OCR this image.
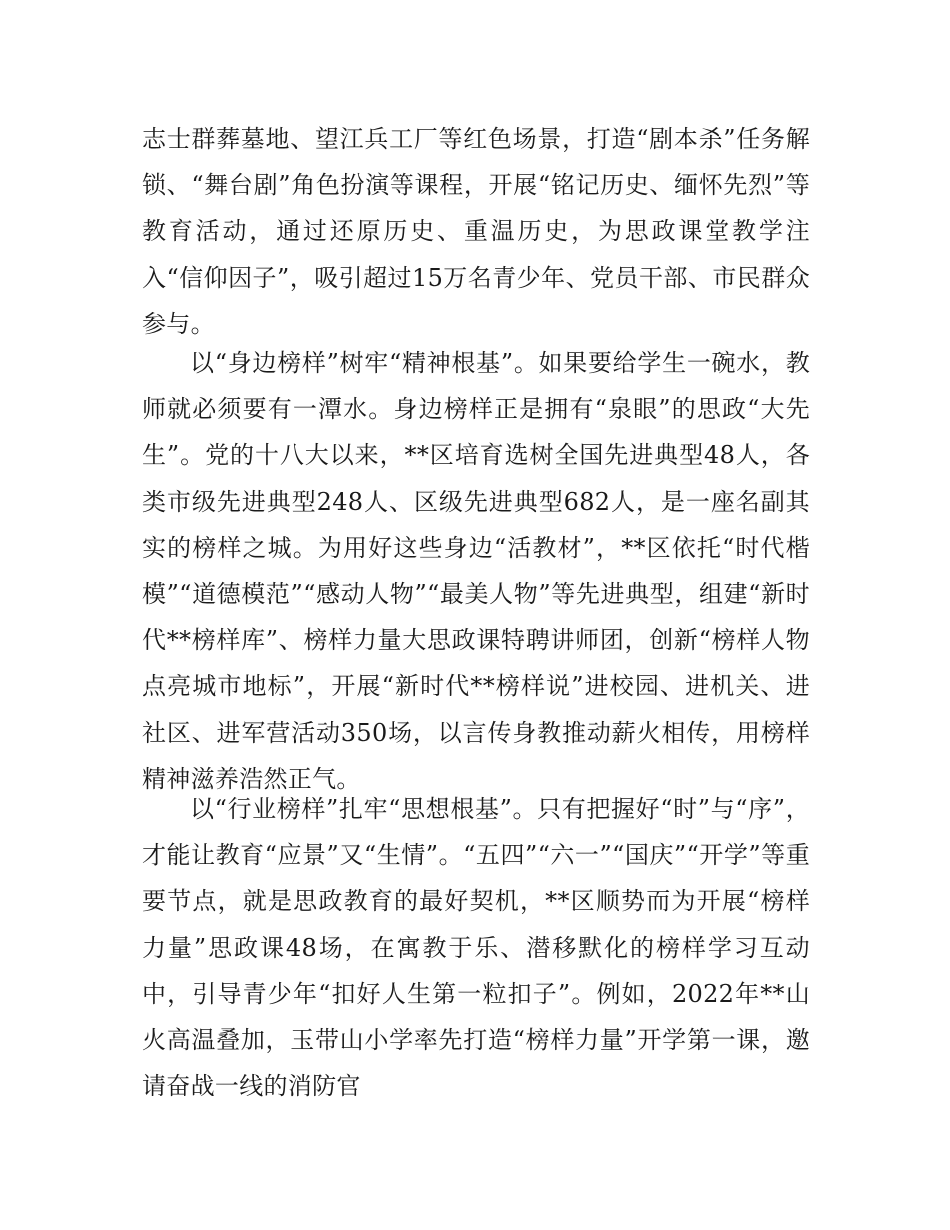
志士群葬墓地、望江兵工厂等红色场景，打造“剧本杀”任务解锁、“舞台剧”角色扮演等课程，开展“铭记历史、缅怀先烈”等教育活动，通过还原历史、重温历史，为思政课堂教学注入“信仰因子”，吸引超过15万名青少年、党员干部、市民群众参与。

以“身边榜样”树牢“精神根基”。如果要给学生一碗水，教师就必须要有一潭水。身边榜样正是拥有“泉眼”的思政“大先生”。党的十八大以来，**区培育选树全国先进典型48人，各类市级先进典型248人、区级先进典型682人，是一座名副其实的榜样之城。为用好这些身边“活教材”，**区依托“时代楷模”“道德模范”“感动人物”“最美人物”等先进典型，组建“新时代**榜样库”、榜样力量大思政课特聘讲师团，创新“榜样人物点亮城市地标”，开展“新时代**榜样说”进校园、进机关、进社区、进军营活动350场，以言传身教推动薪火相传，用榜样精神滋养浩然正气。

以“行业榜样”扎牢“思想根基”。只有把握好“时”与“序”，才能让教育“应景”又“生情”。“五四”“六一”“国庆”“开学”等重要节点，就是思政教育的最好契机，**区顺势而为开展“榜样力量”思政课48场，在寓教于乐、潜移默化的榜样学习互动中，引导青少年“扣好人生第一粒扣子”。例如，2022年**山火高温叠加，玉带山小学率先打造“榜样力量”开学第一课，邀请奋战一线的消防官
